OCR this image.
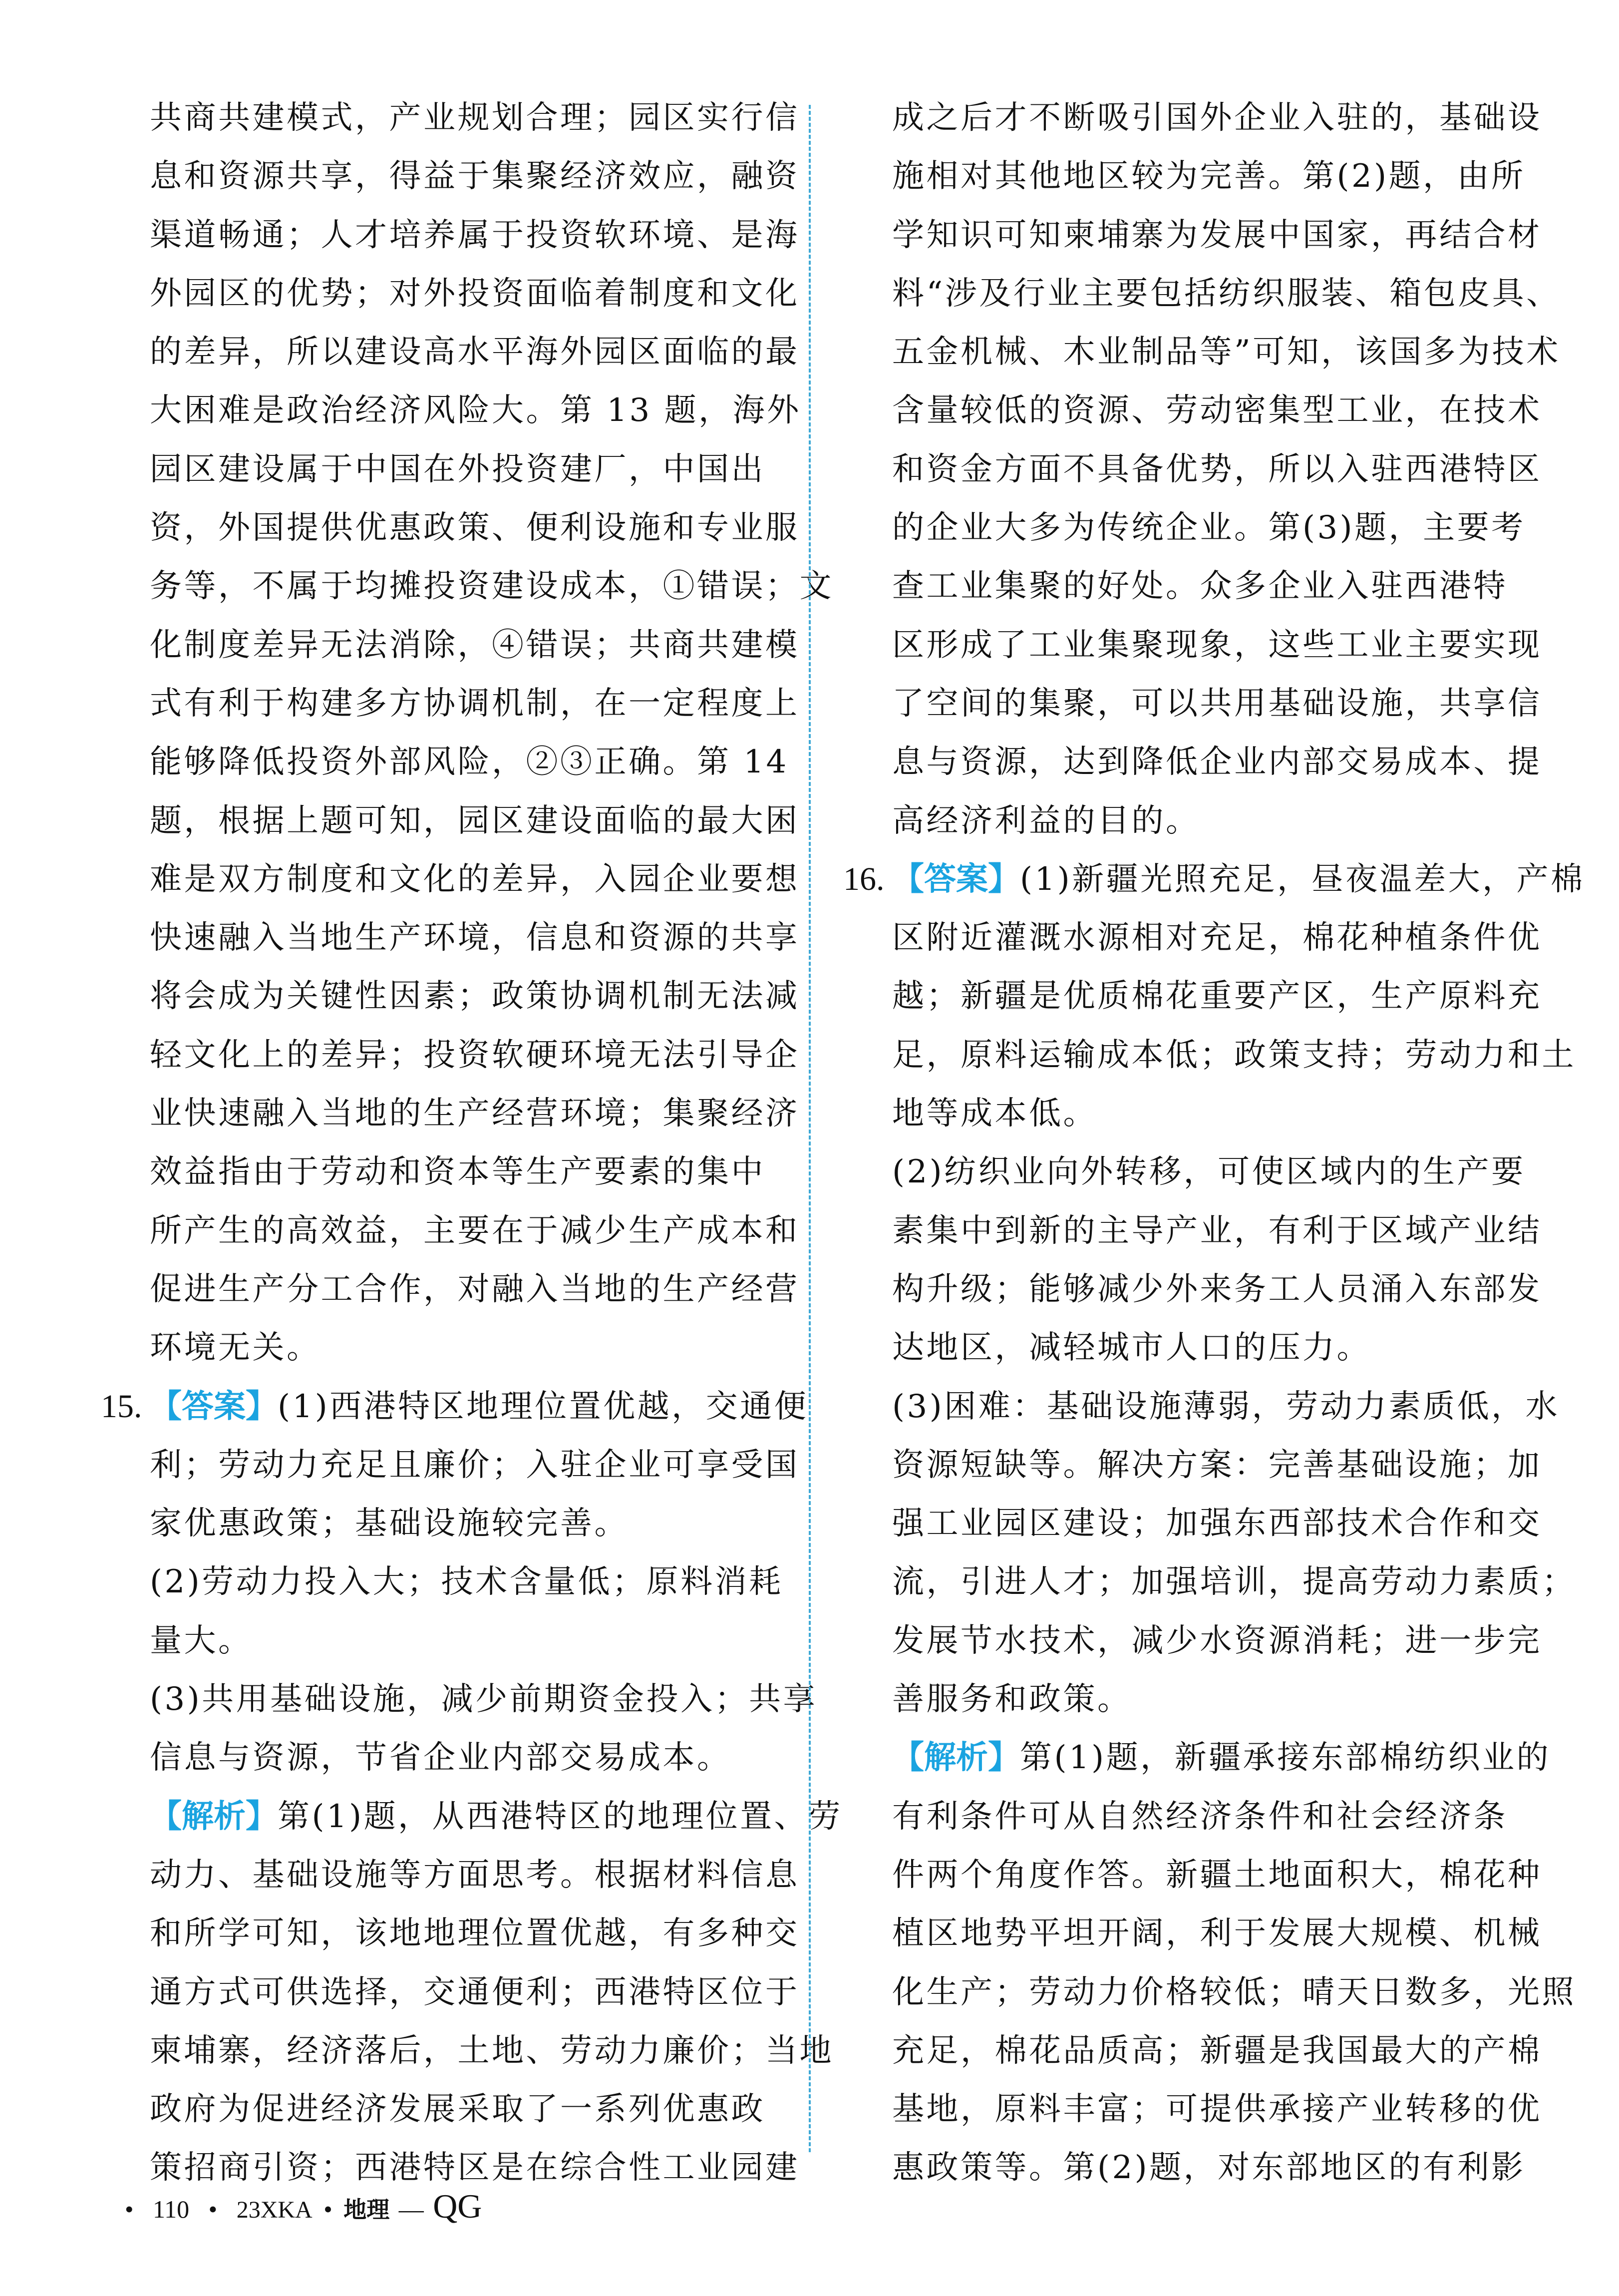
共商共建模式，产业规划合理；园区实行信
息和资源共享，得益于集聚经济效应，融资
渠道畅通；人才培养属于投资软环境、是海
外园区的优势；对外投资面临着制度和文化
的差异，所以建设高水平海外园区面临的最
大困难是政治经济风险大。第 13 题，海外
园区建设属于中国在外投资建厂，中国出
资，外国提供优惠政策、便利设施和专业服
务等，不属于均摊投资建设成本，①错误；文
化制度差异无法消除，④错误；共商共建模
式有利于构建多方协调机制，在一定程度上
能够降低投资外部风险，②③正确。第 14
题，根据上题可知，园区建设面临的最大困
难是双方制度和文化的差异，入园企业要想
快速融入当地生产环境，信息和资源的共享
将会成为关键性因素；政策协调机制无法减
轻文化上的差异；投资软硬环境无法引导企
业快速融入当地的生产经营环境；集聚经济
效益指由于劳动和资本等生产要素的集中
所产生的高效益，主要在于减少生产成本和
促进生产分工合作，对融入当地的生产经营
环境无关。
15. 【答案】(1)西港特区地理位置优越，交通便
利；劳动力充足且廉价；入驻企业可享受国
家优惠政策；基础设施较完善。
(2)劳动力投入大；技术含量低；原料消耗
量大。
(3)共用基础设施，减少前期资金投入；共享
信息与资源，节省企业内部交易成本。
【解析】第(1)题，从西港特区的地理位置、劳
动力、基础设施等方面思考。根据材料信息
和所学可知，该地地理位置优越，有多种交
通方式可供选择，交通便利；西港特区位于
柬埔寨，经济落后，土地、劳动力廉价；当地
政府为促进经济发展采取了一系列优惠政
策招商引资；西港特区是在综合性工业园建
成之后才不断吸引国外企业入驻的，基础设
施相对其他地区较为完善。第(2)题，由所
学知识可知柬埔寨为发展中国家，再结合材
料“涉及行业主要包括纺织服装、箱包皮具、
五金机械、木业制品等”可知，该国多为技术
含量较低的资源、劳动密集型工业，在技术
和资金方面不具备优势，所以入驻西港特区
的企业大多为传统企业。第(3)题，主要考
查工业集聚的好处。众多企业入驻西港特
区形成了工业集聚现象，这些工业主要实现
了空间的集聚，可以共用基础设施，共享信
息与资源，达到降低企业内部交易成本、提
高经济利益的目的。
16. 【答案】(1)新疆光照充足，昼夜温差大，产棉
区附近灌溉水源相对充足，棉花种植条件优
越；新疆是优质棉花重要产区，生产原料充
足，原料运输成本低；政策支持；劳动力和土
地等成本低。
(2)纺织业向外转移，可使区域内的生产要
素集中到新的主导产业，有利于区域产业结
构升级；能够减少外来务工人员涌入东部发
达地区，减轻城市人口的压力。
(3)困难：基础设施薄弱，劳动力素质低，水
资源短缺等。解决方案：完善基础设施；加
强工业园区建设；加强东西部技术合作和交
流，引进人才；加强培训，提高劳动力素质；
发展节水技术，减少水资源消耗；进一步完
善服务和政策。
【解析】第(1)题，新疆承接东部棉纺织业的
有利条件可从自然经济条件和社会经济条
件两个角度作答。新疆土地面积大，棉花种
植区地势平坦开阔，利于发展大规模、机械
化生产；劳动力价格较低；晴天日数多，光照
充足，棉花品质高；新疆是我国最大的产棉
基地，原料丰富；可提供承接产业转移的优
惠政策等。第(2)题，对东部地区的有利影
• 110 • 23XKA • 地理 — QG
